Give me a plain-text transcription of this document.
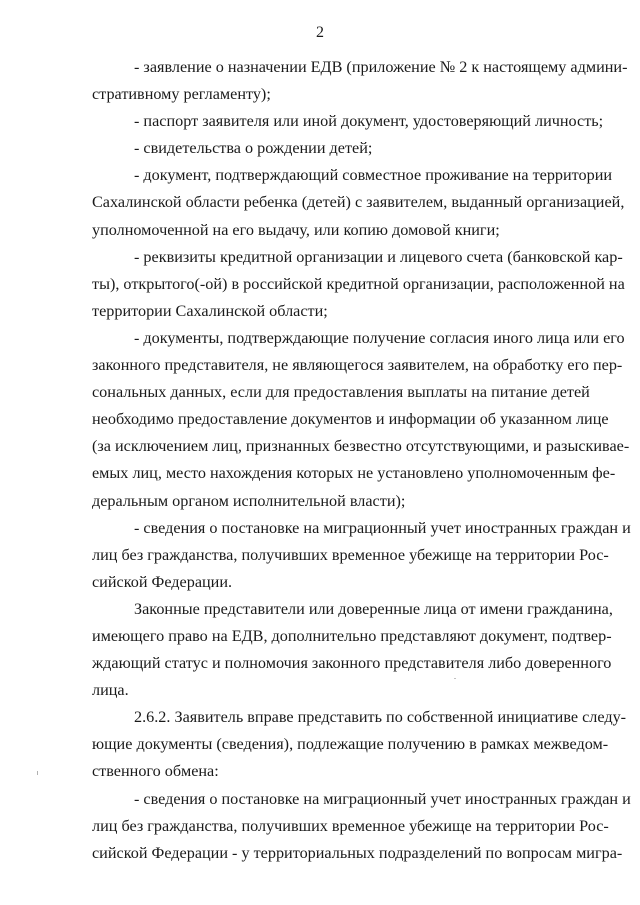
2
- заявление о назначении ЕДВ (приложение № 2 к настоящему админи-
стративному регламенту);
- паспорт заявителя или иной документ, удостоверяющий личность;
- свидетельства о рождении детей;
- документ, подтверждающий совместное проживание на территории
Сахалинской области ребенка (детей) с заявителем, выданный организацией,
уполномоченной на его выдачу, или копию домовой книги;
- реквизиты кредитной организации и лицевого счета (банковской кар-
ты), открытого(-ой) в российской кредитной организации, расположенной на
территории Сахалинской области;
- документы, подтверждающие получение согласия иного лица или его
законного представителя, не являющегося заявителем, на обработку его пер-
сональных данных, если для предоставления выплаты на питание детей
необходимо предоставление документов и информации об указанном лице
(за исключением лиц, признанных безвестно отсутствующими, и разыскивае-
емых лиц, место нахождения которых не установлено уполномоченным фе-
деральным органом исполнительной власти);
- сведения о постановке на миграционный учет иностранных граждан и
лиц без гражданства, получивших временное убежище на территории Рос-
сийской Федерации.
Законные представители или доверенные лица от имени гражданина,
имеющего право на ЕДВ, дополнительно представляют документ, подтвер-
ждающий статус и полномочия законного представителя либо доверенного
лица.
2.6.2. Заявитель вправе представить по собственной инициативе следу-
ющие документы (сведения), подлежащие получению в рамках межведом-
ственного обмена:
- сведения о постановке на миграционный учет иностранных граждан и
лиц без гражданства, получивших временное убежище на территории Рос-
сийской Федерации - у территориальных подразделений по вопросам мигра-
